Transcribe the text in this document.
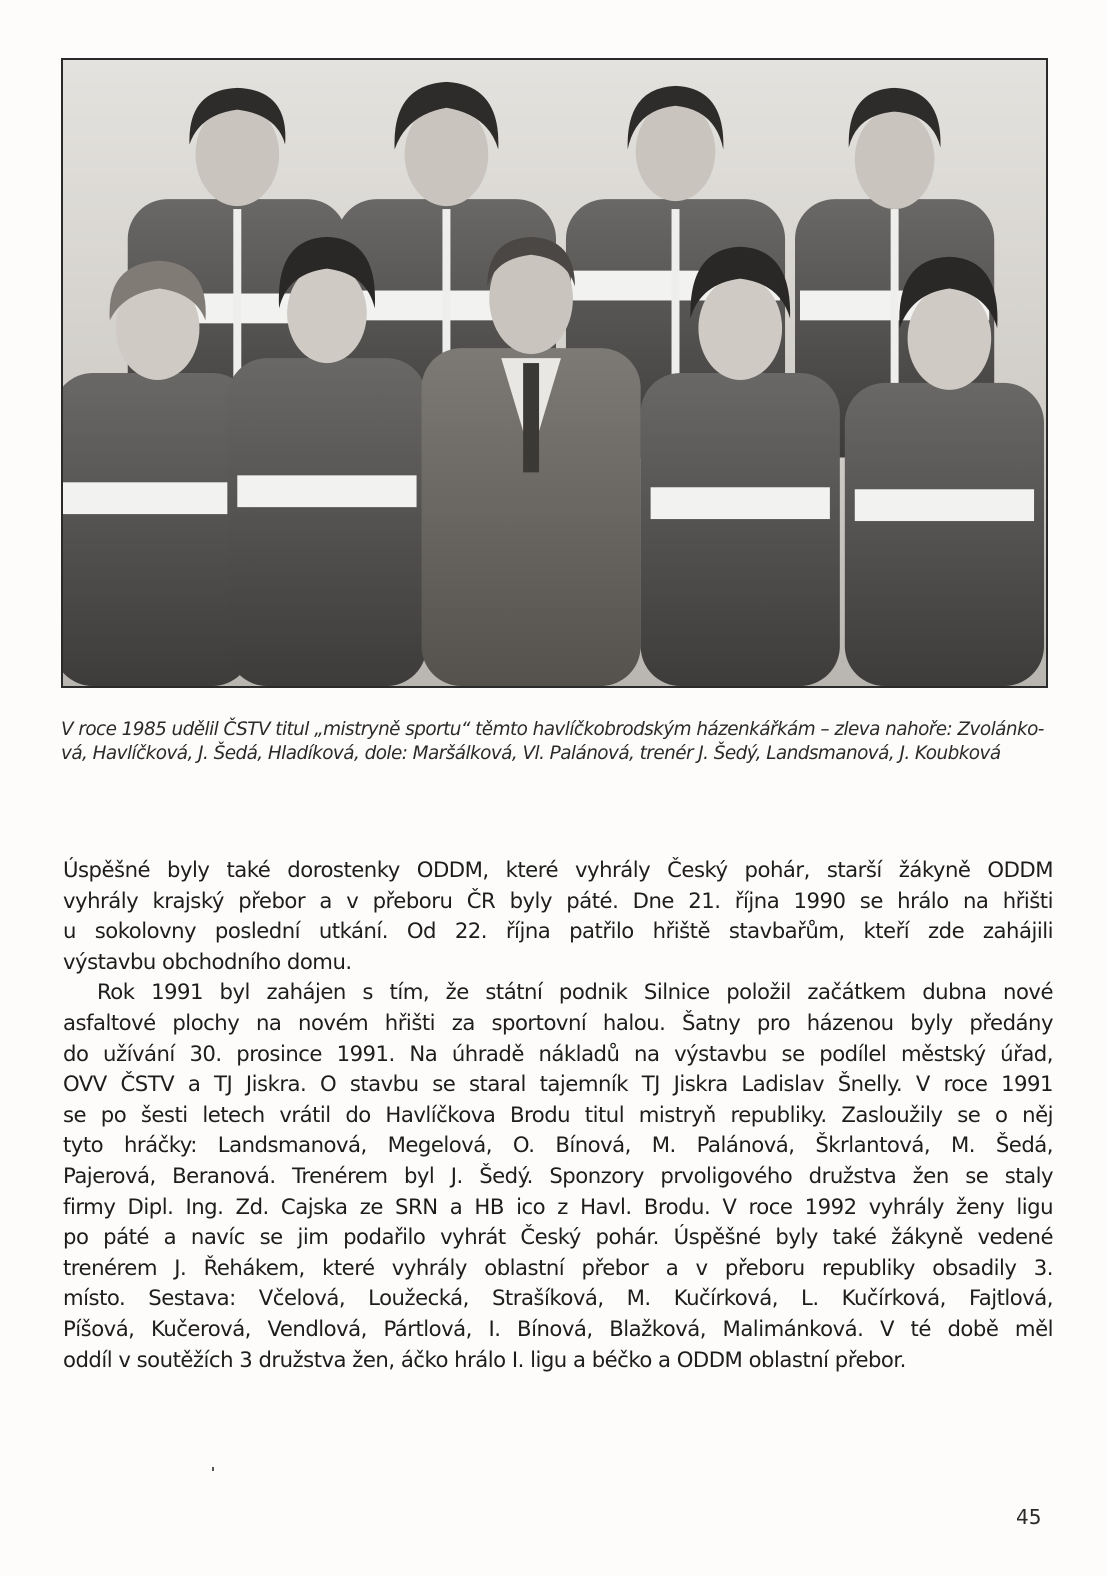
V roce 1985 udělil ČSTV titul „mistryně sportu“ těmto havlíčkobrodským házenkářkám – zleva nahoře: Zvolánko-
vá, Havlíčková, J. Šedá, Hladíková, dole: Maršálková, Vl. Palánová, trenér J. Šedý, Landsmanová, J. Koubková
Úspěšné byly také dorostenky ODDM, které vyhrály Český pohár, starší žákyně ODDM
vyhrály krajský přebor a v přeboru ČR byly páté. Dne 21. října 1990 se hrálo na hřišti
u sokolovny poslední utkání. Od 22. října patřilo hřiště stavbařům, kteří zde zahájili
výstavbu obchodního domu.
Rok 1991 byl zahájen s tím, že státní podnik Silnice položil začátkem dubna nové
asfaltové plochy na novém hřišti za sportovní halou. Šatny pro házenou byly předány
do užívání 30. prosince 1991. Na úhradě nákladů na výstavbu se podílel městský úřad,
OVV ČSTV a TJ Jiskra. O stavbu se staral tajemník TJ Jiskra Ladislav Šnelly. V roce 1991
se po šesti letech vrátil do Havlíčkova Brodu titul mistryň republiky. Zasloužily se o něj
tyto hráčky: Landsmanová, Megelová, O. Bínová, M. Palánová, Škrlantová, M. Šedá,
Pajerová, Beranová. Trenérem byl J. Šedý. Sponzory prvoligového družstva žen se staly
firmy Dipl. Ing. Zd. Cajska ze SRN a HB ico z Havl. Brodu. V roce 1992 vyhrály ženy ligu
po páté a navíc se jim podařilo vyhrát Český pohár. Úspěšné byly také žákyně vedené
trenérem J. Řehákem, které vyhrály oblastní přebor a v přeboru republiky obsadily 3.
místo. Sestava: Včelová, Loužecká, Strašíková, M. Kučírková, L. Kučírková, Fajtlová,
Píšová, Kučerová, Vendlová, Pártlová, I. Bínová, Blažková, Malimánková. V té době měl
oddíl v soutěžích 3 družstva žen, áčko hrálo I. ligu a béčko a ODDM oblastní přebor.
45
